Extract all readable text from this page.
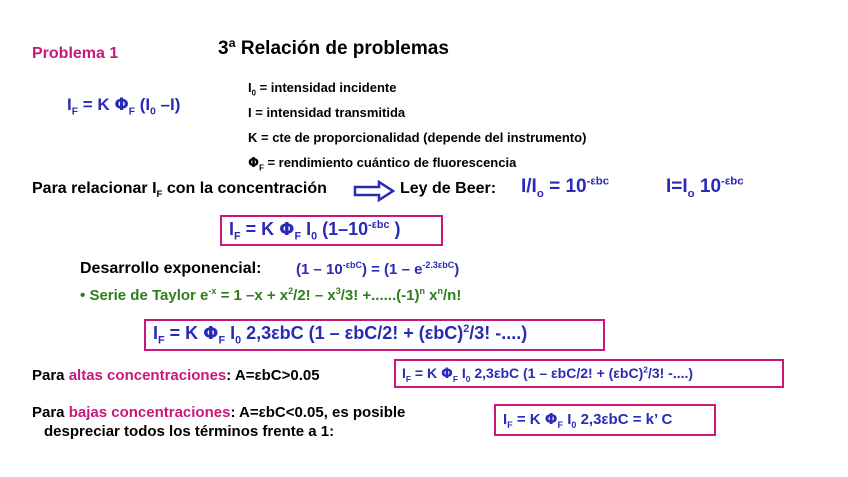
Problema 1	3ª Relación de problemas
$I_F = K$ $\Phi_F$ ($I_0$ –I)
$I_0$ = intensidad incidente
I = intensidad transmitida
K = cte de proporcionalidad (depende del instrumento)
$\Phi_F$ = rendimiento cuántico de fluorescencia
Para relacionar $I_F$ con la concentración	Ley de Beer: $I/I_o = 10^{-\varepsilon bc}$	$I=I_o$ $10^{-\varepsilon bc}$
$I_F = K$ $\Phi_F$ $I_0$ ($1-10^{-\varepsilon bc}$ )
Desarrollo exponencial: $(1 - 10^{-\varepsilon bC}) = (1 - e^{-2.3\varepsilon bC})$
• Serie de Taylor $e^{-x} = 1$ $-x + x^2/2$! – $x^3/3$! $+......(-1)^n$ $x^n/n$!
$I_F = K$ $\Phi_F$ $I_0$ 2,3εbC (1 – εbC/2! + $(\varepsilon bC)^2/3$! -....)
Para altas concentraciones: A=εbC>0.05	$I_F = K$ $\Phi_F$ $I_0$ 2,3εbC (1 – εbC/2! + $(\varepsilon bC)^2/3$! -....)
Para bajas concentraciones: A=εbC<0.05, es posible
despreciar todos los términos frente a 1:
$I_F = K$ $\Phi_F$ $I_0$ 2,3εbC = k’ C
